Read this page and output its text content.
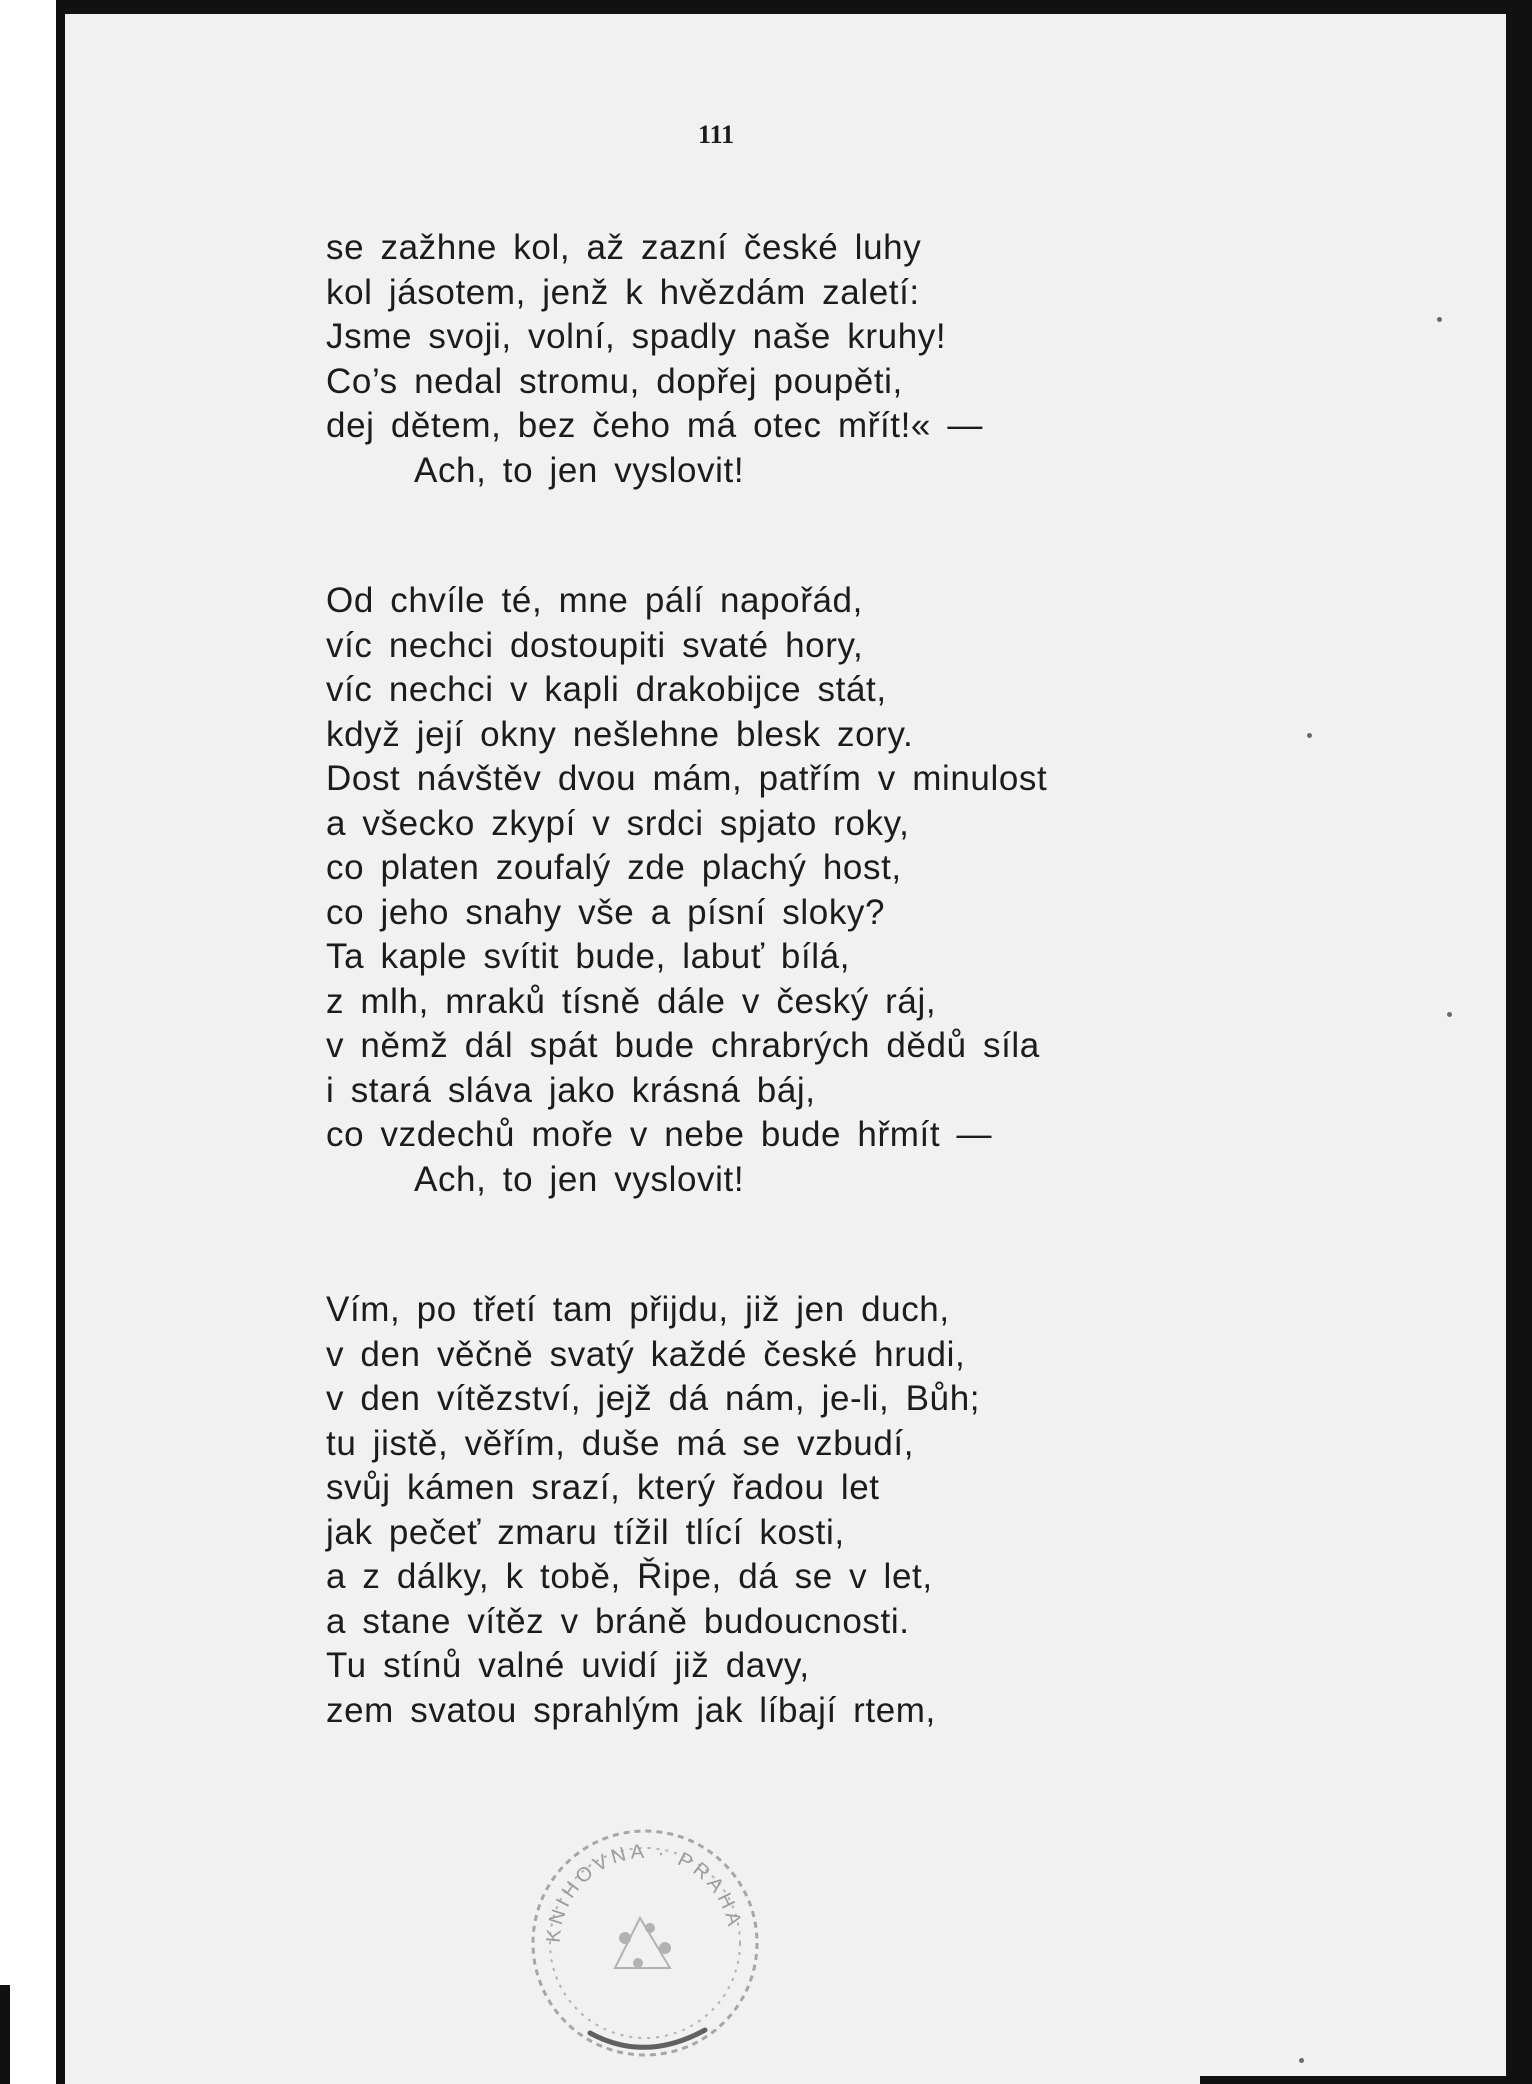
111
se zažhne kol, až zazní české luhy
kol jásotem, jenž k hvězdám zaletí:
Jsme svoji, volní, spadly naše kruhy!
Co’s nedal stromu, dopřej poupěti,
dej dětem, bez čeho má otec mřít!« —
Ach, to jen vyslovit!
Od chvíle té, mne pálí napořád,
víc nechci dostoupiti svaté hory,
víc nechci v kapli drakobijce stát,
když její okny nešlehne blesk zory.
Dost návštěv dvou mám, patřím v minulost
a všecko zkypí v srdci spjato roky,
co platen zoufalý zde plachý host,
co jeho snahy vše a písní sloky?
Ta kaple svítit bude, labuť bílá,
z mlh, mraků tísně dále v český ráj,
v němž dál spát bude chrabrých dědů síla
i stará sláva jako krásná báj,
co vzdechů moře v nebe bude hřmít —
Ach, to jen vyslovit!
Vím, po třetí tam přijdu, již jen duch,
v den věčně svatý každé české hrudi,
v den vítězství, jejž dá nám, je-li, Bůh;
tu jistě, věřím, duše má se vzbudí,
svůj kámen srazí, který řadou let
jak pečeť zmaru tížil tlící kosti,
a z dálky, k tobě, Řipe, dá se v let,
a stane vítěz v bráně budoucnosti.
Tu stínů valné uvidí již davy,
zem svatou sprahlým jak líbají rtem,
KNIHOVNA · PRAHA
